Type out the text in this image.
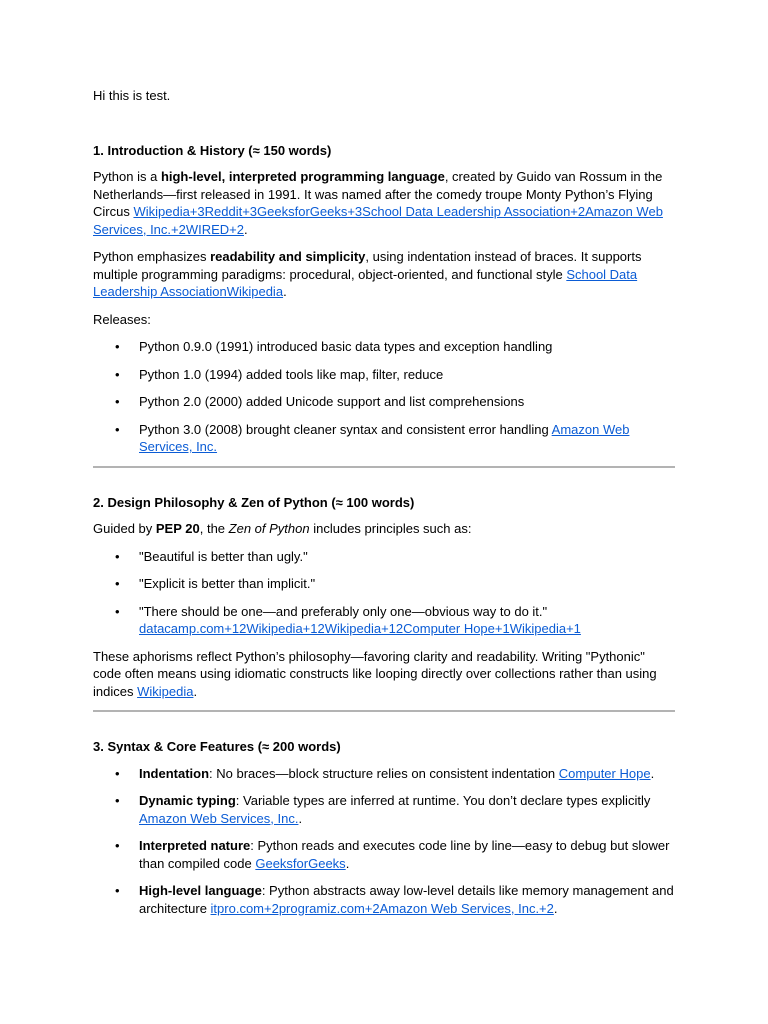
Hi this is test.

1. Introduction & History (≈ 150 words)

Python is a high-level, interpreted programming language, created by Guido van Rossum in the Netherlands—first released in 1991. It was named after the comedy troupe Monty Python’s Flying Circus Wikipedia+3Reddit+3GeeksforGeeks+3School Data Leadership Association+2Amazon Web Services, Inc.+2WIRED+2.

Python emphasizes readability and simplicity, using indentation instead of braces. It supports multiple programming paradigms: procedural, object-oriented, and functional style School Data Leadership AssociationWikipedia.

Releases:

• Python 0.9.0 (1991) introduced basic data types and exception handling
• Python 1.0 (1994) added tools like map, filter, reduce
• Python 2.0 (2000) added Unicode support and list comprehensions
• Python 3.0 (2008) brought cleaner syntax and consistent error handling Amazon Web Services, Inc.

2. Design Philosophy & Zen of Python (≈ 100 words)

Guided by PEP 20, the Zen of Python includes principles such as:

• "Beautiful is better than ugly."
• "Explicit is better than implicit."
• "There should be one—and preferably only one—obvious way to do it." datacamp.com+12Wikipedia+12Wikipedia+12Computer Hope+1Wikipedia+1

These aphorisms reflect Python’s philosophy—favoring clarity and readability. Writing "Pythonic" code often means using idiomatic constructs like looping directly over collections rather than using indices Wikipedia.

3. Syntax & Core Features (≈ 200 words)

• Indentation: No braces—block structure relies on consistent indentation Computer Hope.
• Dynamic typing: Variable types are inferred at runtime. You don’t declare types explicitly Amazon Web Services, Inc..
• Interpreted nature: Python reads and executes code line by line—easy to debug but slower than compiled code GeeksforGeeks.
• High-level language: Python abstracts away low-level details like memory management and architecture itpro.com+2programiz.com+2Amazon Web Services, Inc.+2.
